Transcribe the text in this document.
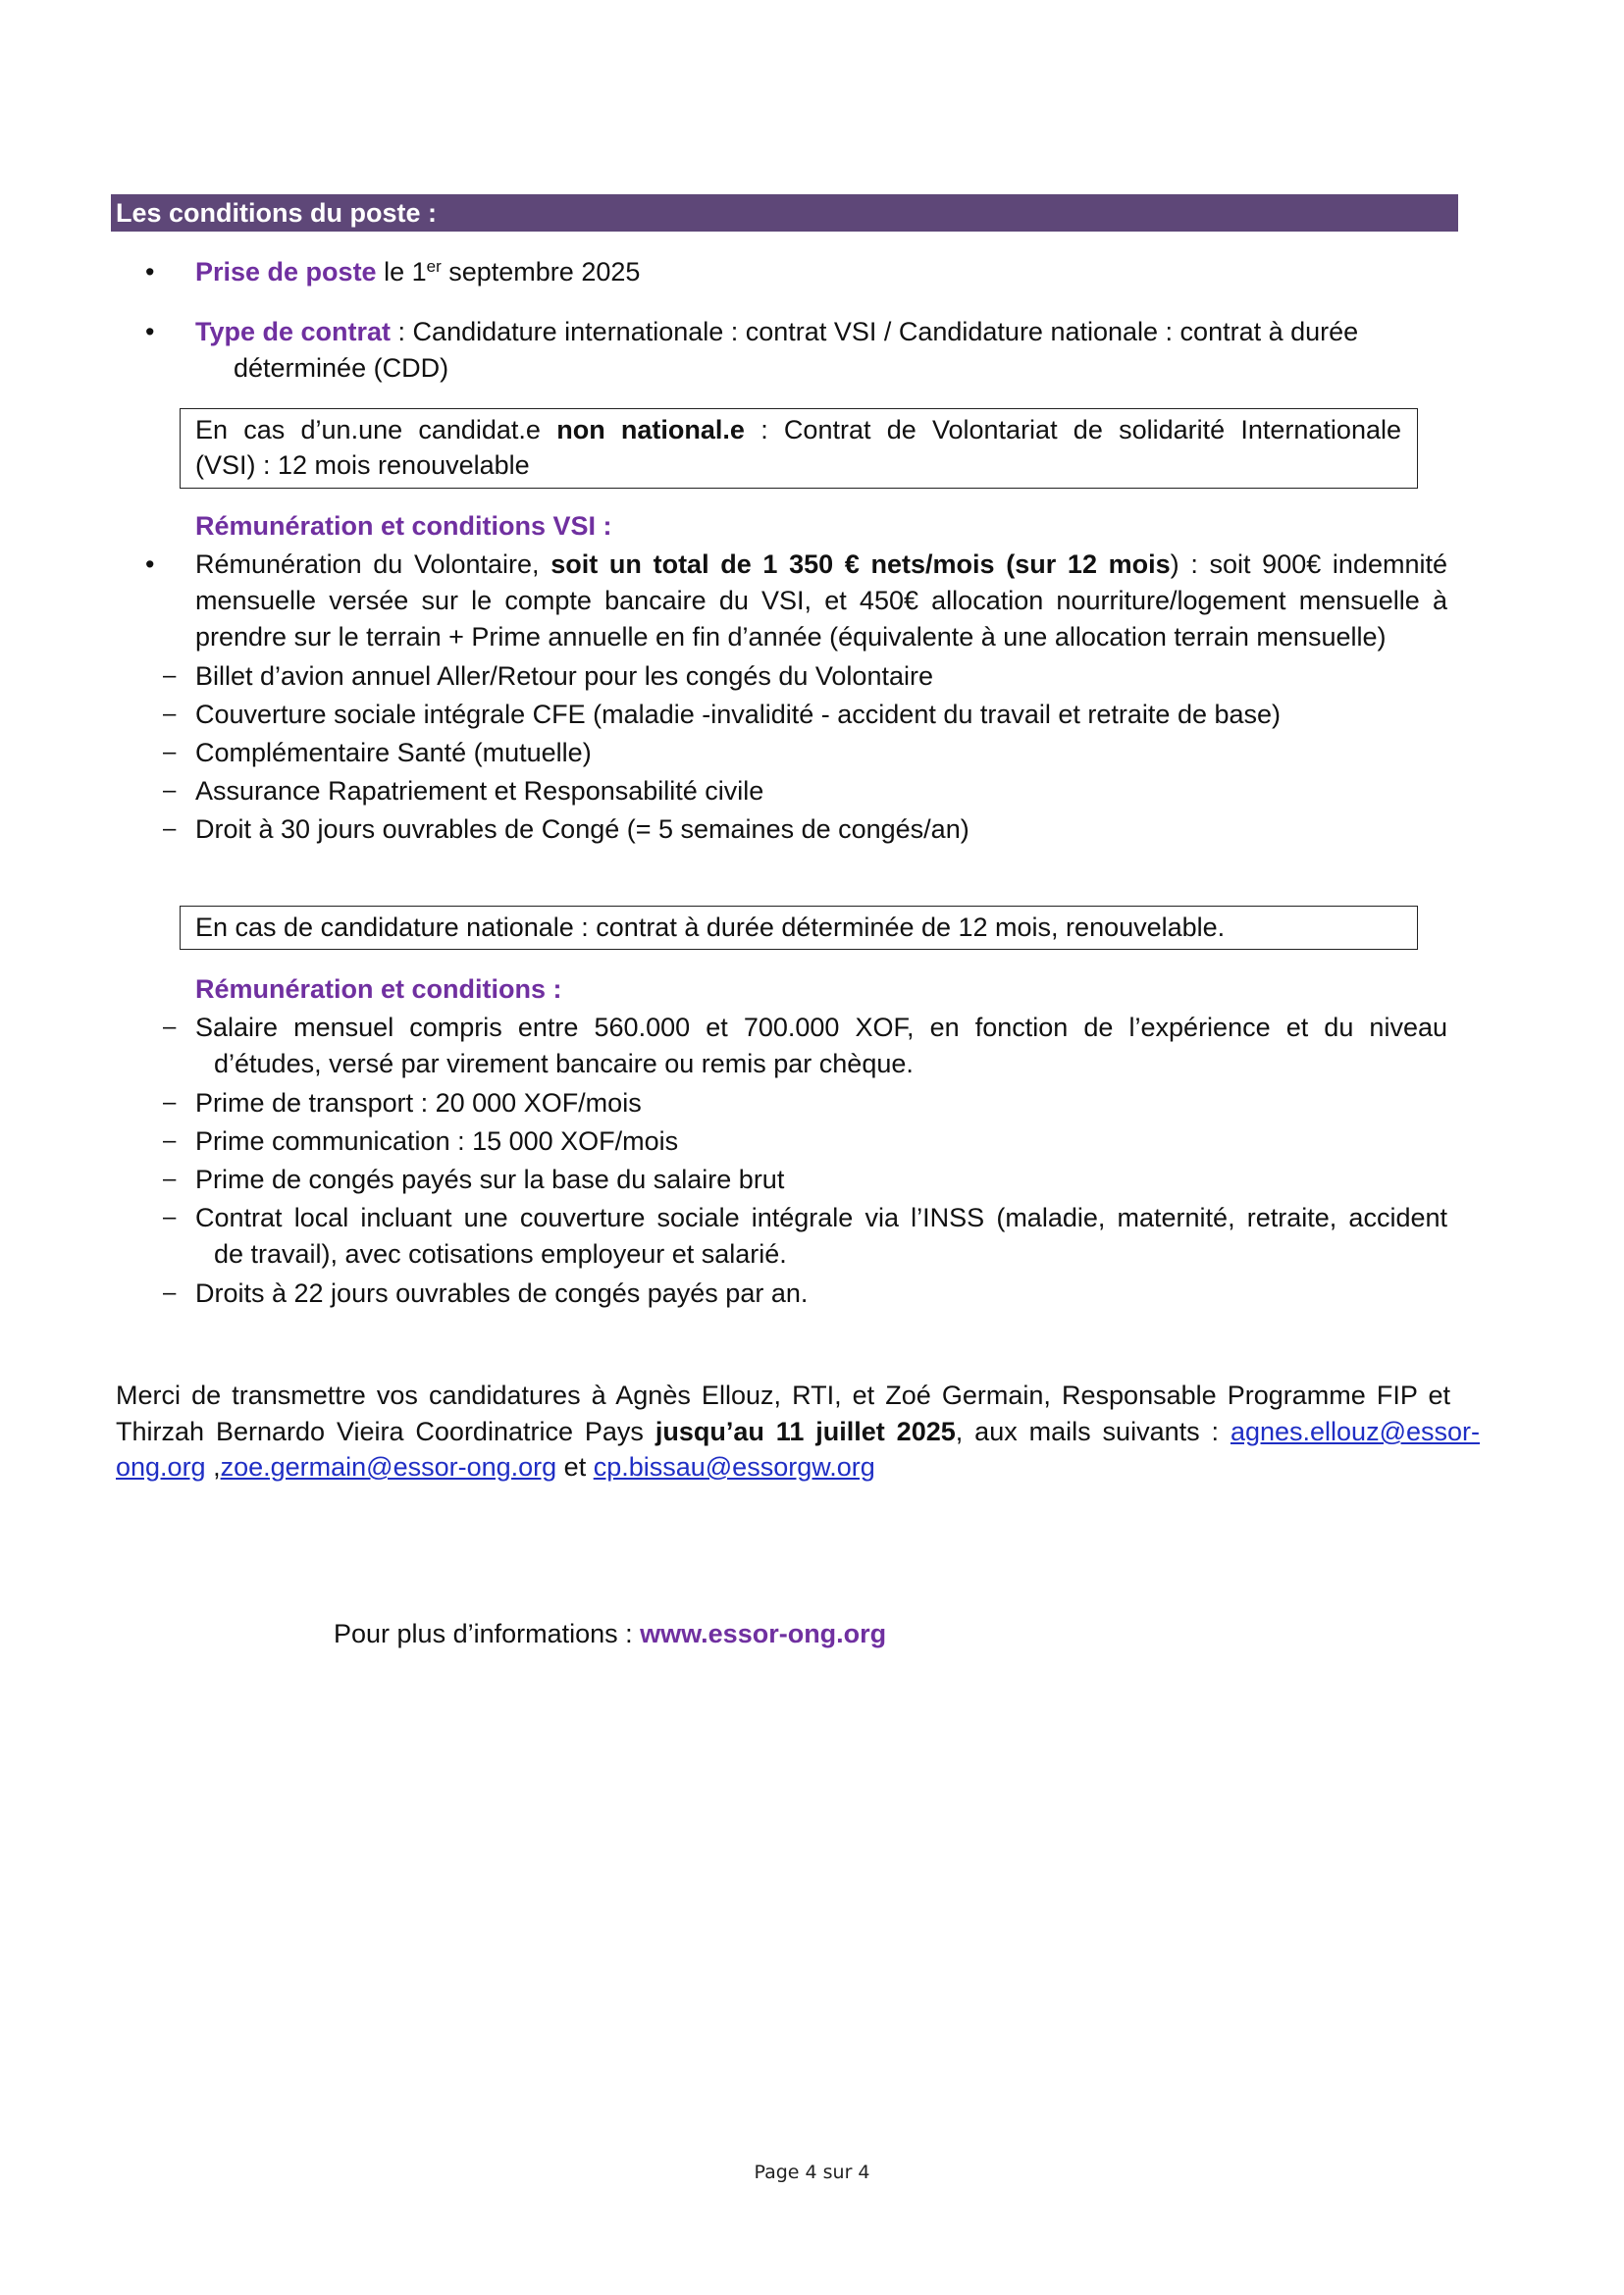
Les conditions du poste :
• Prise de poste le 1er septembre 2025
• Type de contrat : Candidature internationale : contrat VSI / Candidature nationale : contrat à durée
déterminée (CDD)
En cas d’un.une candidat.e non national.e : Contrat de Volontariat de solidarité Internationale
(VSI) : 12 mois renouvelable
Rémunération et conditions VSI :
• Rémunération du Volontaire, soit un total de 1 350 € nets/mois (sur 12 mois) : soit 900€ indemnité
mensuelle versée sur le compte bancaire du VSI, et 450€ allocation nourriture/logement mensuelle à
prendre sur le terrain + Prime annuelle en fin d’année (équivalente à une allocation terrain mensuelle)
– Billet d’avion annuel Aller/Retour pour les congés du Volontaire
– Couverture sociale intégrale CFE (maladie -invalidité - accident du travail et retraite de base)
– Complémentaire Santé (mutuelle)
– Assurance Rapatriement et Responsabilité civile
– Droit à 30 jours ouvrables de Congé (= 5 semaines de congés/an)
En cas de candidature nationale : contrat à durée déterminée de 12 mois, renouvelable.
Rémunération et conditions :
– Salaire mensuel compris entre 560.000 et 700.000 XOF, en fonction de l’expérience et du niveau
d’études, versé par virement bancaire ou remis par chèque.
– Prime de transport : 20 000 XOF/mois
– Prime communication : 15 000 XOF/mois
– Prime de congés payés sur la base du salaire brut
– Contrat local incluant une couverture sociale intégrale via l’INSS (maladie, maternité, retraite, accident
de travail), avec cotisations employeur et salarié.
– Droits à 22 jours ouvrables de congés payés par an.
Merci de transmettre vos candidatures à Agnès Ellouz, RTI, et Zoé Germain, Responsable Programme FIP et
Thirzah Bernardo Vieira Coordinatrice Pays jusqu’au 11 juillet 2025, aux mails suivants : agnes.ellouz@essor-
ong.org ,zoe.germain@essor-ong.org et cp.bissau@essorgw.org
Pour plus d’informations : www.essor-ong.org
Page 4 sur 4
